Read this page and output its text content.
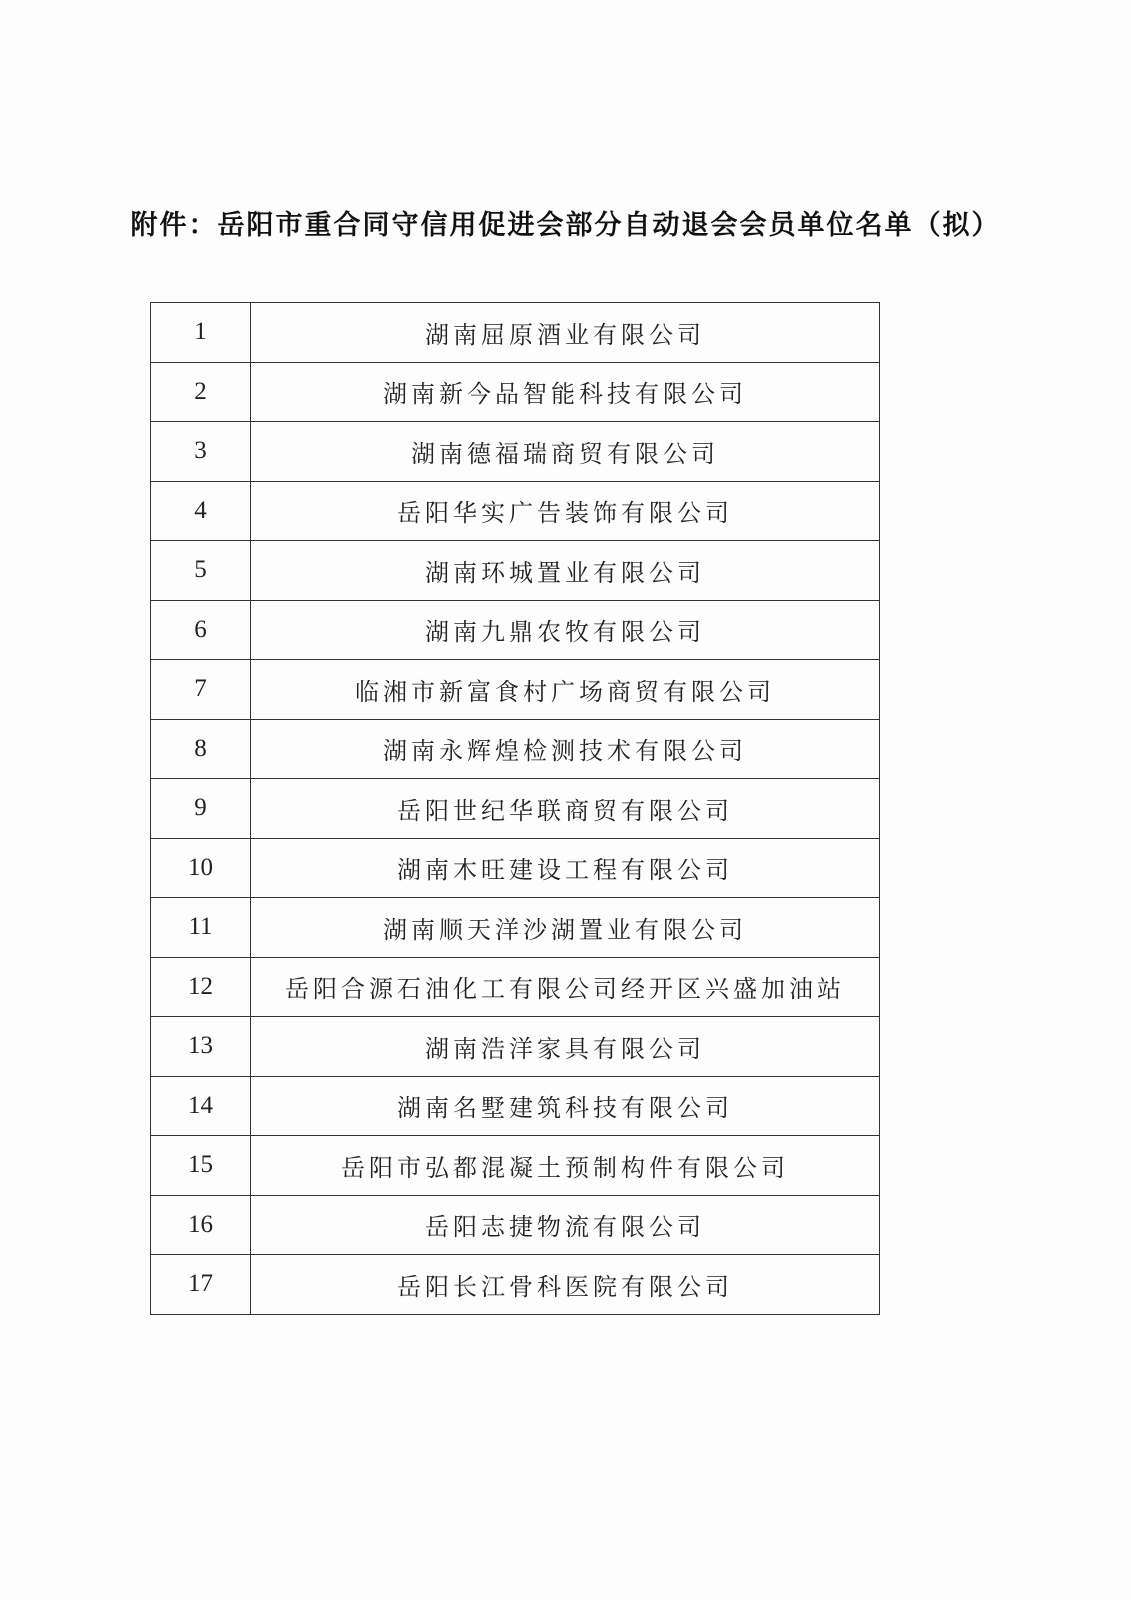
附件：岳阳市重合同守信用促进会部分自动退会会员单位名单（拟）
1	湖南屈原酒业有限公司
2	湖南新今品智能科技有限公司
3	湖南德福瑞商贸有限公司
4	岳阳华实广告装饰有限公司
5	湖南环城置业有限公司
6	湖南九鼎农牧有限公司
7	临湘市新富食村广场商贸有限公司
8	湖南永辉煌检测技术有限公司
9	岳阳世纪华联商贸有限公司
10	湖南木旺建设工程有限公司
11	湖南顺天洋沙湖置业有限公司
12	岳阳合源石油化工有限公司经开区兴盛加油站
13	湖南浩洋家具有限公司
14	湖南名墅建筑科技有限公司
15	岳阳市弘都混凝土预制构件有限公司
16	岳阳志捷物流有限公司
17	岳阳长江骨科医院有限公司
